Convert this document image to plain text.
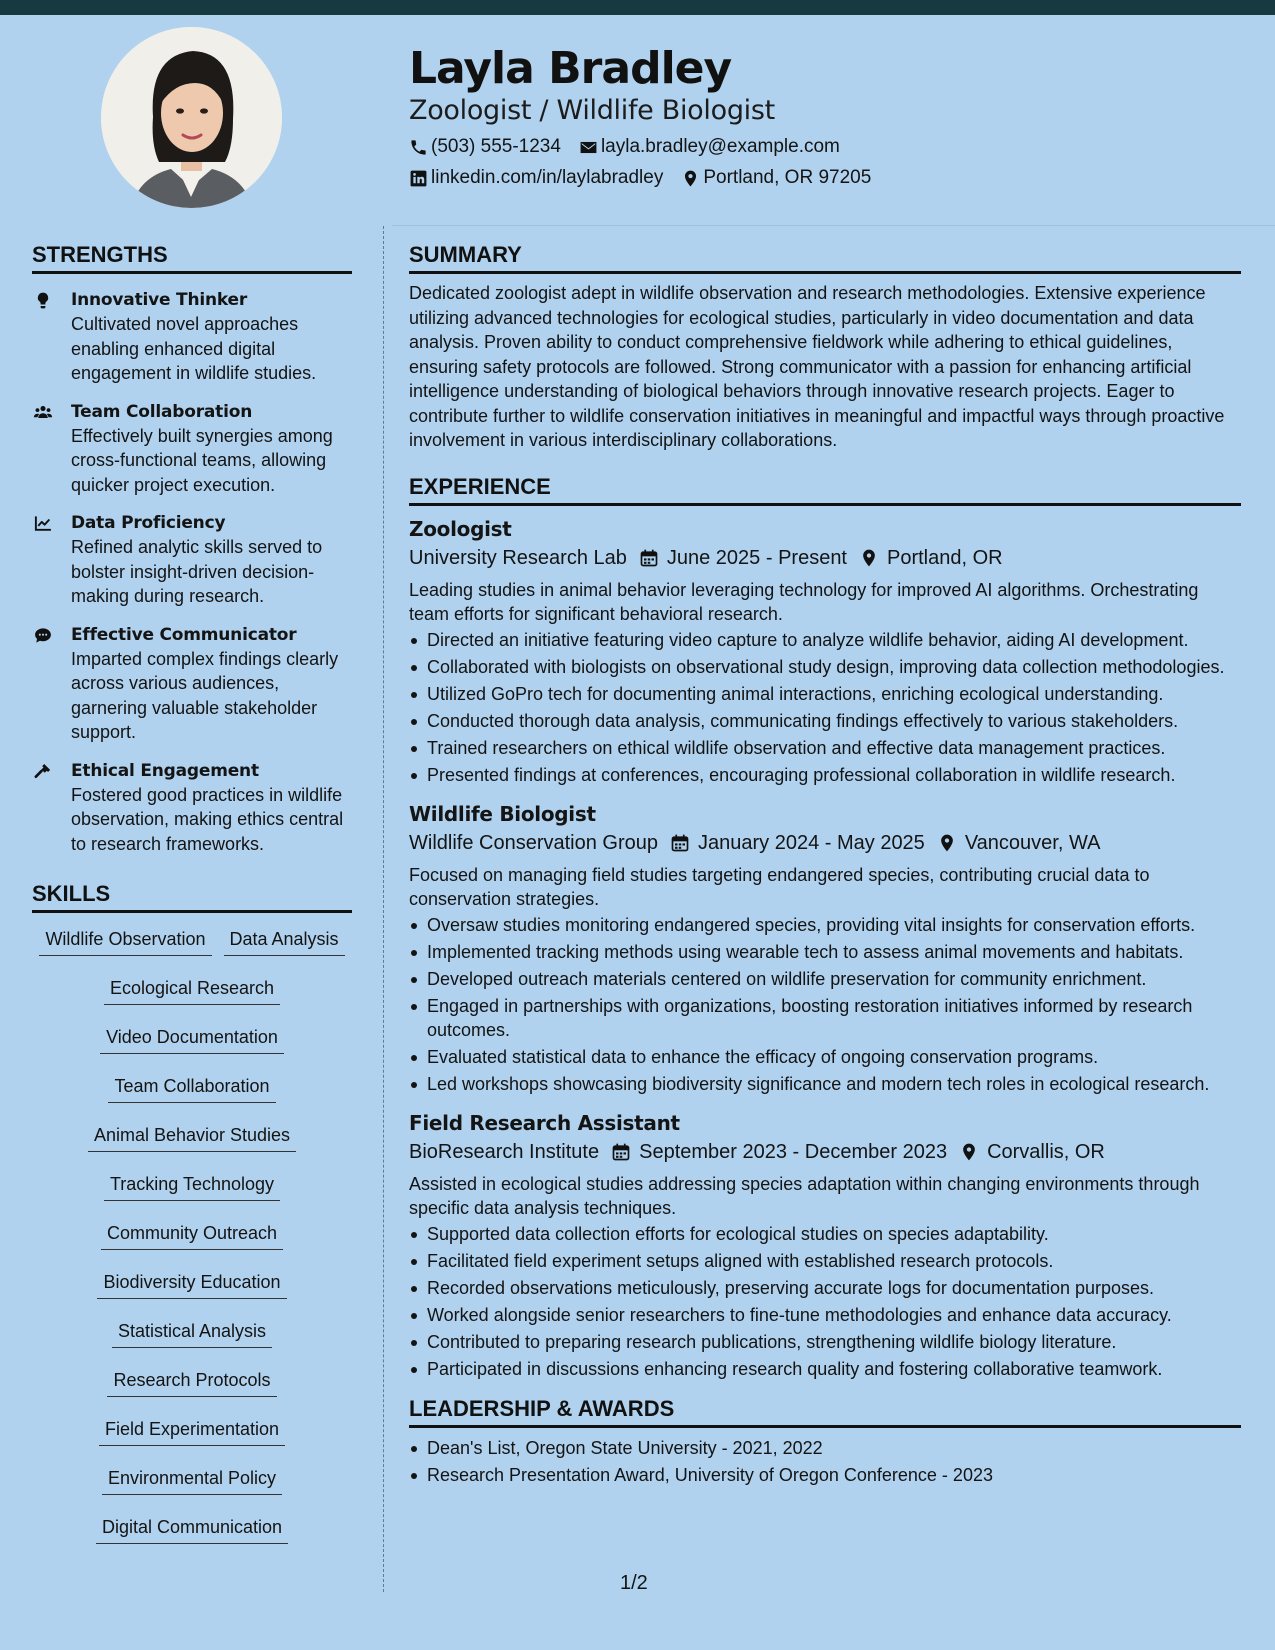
Layla Bradley
Zoologist / Wildlife Biologist
(503) 555-1234 layla.bradley@example.com
linkedin.com/in/laylabradley Portland, OR 97205
STRENGTHS
Innovative Thinker
Cultivated novel approaches enabling enhanced digital engagement in wildlife studies.
Team Collaboration
Effectively built synergies among cross-functional teams, allowing quicker project execution.
Data Proficiency
Refined analytic skills served to bolster insight-driven decision-making during research.
Effective Communicator
Imparted complex findings clearly across various audiences, garnering valuable stakeholder support.
Ethical Engagement
Fostered good practices in wildlife observation, making ethics central to research frameworks.
SKILLS
Wildlife Observation	Data Analysis
Ecological Research
Video Documentation
Team Collaboration
Animal Behavior Studies
Tracking Technology
Community Outreach
Biodiversity Education
Statistical Analysis
Research Protocols
Field Experimentation
Environmental Policy
Digital Communication
SUMMARY

Dedicated zoologist adept in wildlife observation and research methodologies. Extensive experience utilizing advanced technologies for ecological studies, particularly in video documentation and data analysis. Proven ability to conduct comprehensive fieldwork while adhering to ethical guidelines, ensuring safety protocols are followed. Strong communicator with a passion for enhancing artificial intelligence understanding of biological behaviors through innovative research projects. Eager to contribute further to wildlife conservation initiatives in meaningful and impactful ways through proactive involvement in various interdisciplinary collaborations.

EXPERIENCE
Zoologist
University Research Lab June 2025 - Present Portland, OR

Leading studies in animal behavior leveraging technology for improved AI algorithms. Orchestrating team efforts for significant behavioral research.

Directed an initiative featuring video capture to analyze wildlife behavior, aiding AI development.
Collaborated with biologists on observational study design, improving data collection methodologies.
Utilized GoPro tech for documenting animal interactions, enriching ecological understanding.
Conducted thorough data analysis, communicating findings effectively to various stakeholders.
Trained researchers on ethical wildlife observation and effective data management practices.
Presented findings at conferences, encouraging professional collaboration in wildlife research.
Wildlife Biologist
Wildlife Conservation Group January 2024 - May 2025 Vancouver, WA

Focused on managing field studies targeting endangered species, contributing crucial data to conservation strategies.

Oversaw studies monitoring endangered species, providing vital insights for conservation efforts.
Implemented tracking methods using wearable tech to assess animal movements and habitats.
Developed outreach materials centered on wildlife preservation for community enrichment.
Engaged in partnerships with organizations, boosting restoration initiatives informed by research outcomes.
Evaluated statistical data to enhance the efficacy of ongoing conservation programs.
Led workshops showcasing biodiversity significance and modern tech roles in ecological research.
Field Research Assistant
BioResearch Institute September 2023 - December 2023 Corvallis, OR

Assisted in ecological studies addressing species adaptation within changing environments through specific data analysis techniques.

Supported data collection efforts for ecological studies on species adaptability.
Facilitated field experiment setups aligned with established research protocols.
Recorded observations meticulously, preserving accurate logs for documentation purposes.
Worked alongside senior researchers to fine-tune methodologies and enhance data accuracy.
Contributed to preparing research publications, strengthening wildlife biology literature.
Participated in discussions enhancing research quality and fostering collaborative teamwork.
LEADERSHIP & AWARDS
Dean's List, Oregon State University - 2021, 2022
Research Presentation Award, University of Oregon Conference - 2023
1/2
